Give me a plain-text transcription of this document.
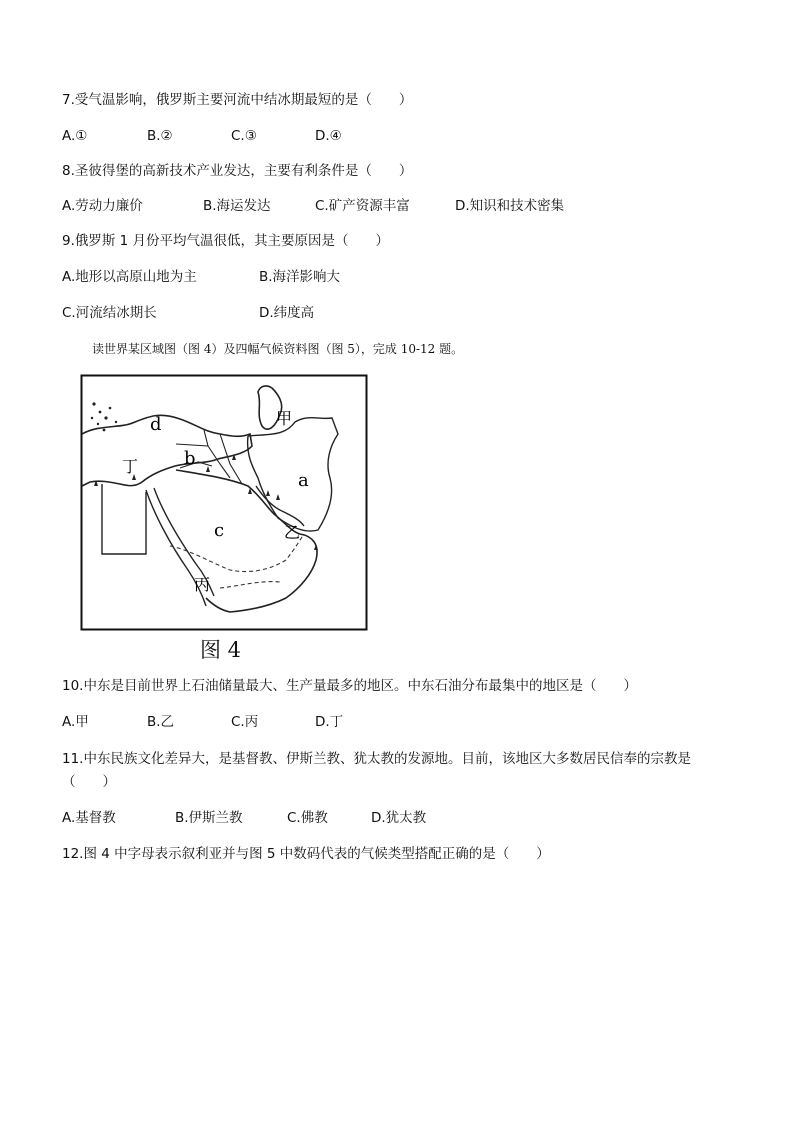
7.受气温影响，俄罗斯主要河流中结冰期最短的是（　　）
A.①	B.②	C.③	D.④
8.圣彼得堡的高新技术产业发达，主要有利条件是（　　）
A.劳动力廉价	B.海运发达	C.矿产资源丰富	D.知识和技术密集
9.俄罗斯 1 月份平均气温很低，其主要原因是（　　）
A.地形以高原山地为主	B.海洋影响大
C.河流结冰期长	D.纬度高
读世界某区域图（图 4）及四幅气候资料图（图 5），完成 10-12 题。
d
b
a
c
甲
乙
丙
丁
图 4
10.中东是目前世界上石油储量最大、生产量最多的地区。中东石油分布最集中的地区是（　　）
A.甲	B.乙	C.丙	D.丁
11.中东民族文化差异大，是基督教、伊斯兰教、犹太教的发源地。目前，该地区大多数居民信奉的宗教是
（　　）
A.基督教	B.伊斯兰教	C.佛教	D.犹太教
12.图 4 中字母表示叙利亚并与图 5 中数码代表的气候类型搭配正确的是（　　）
